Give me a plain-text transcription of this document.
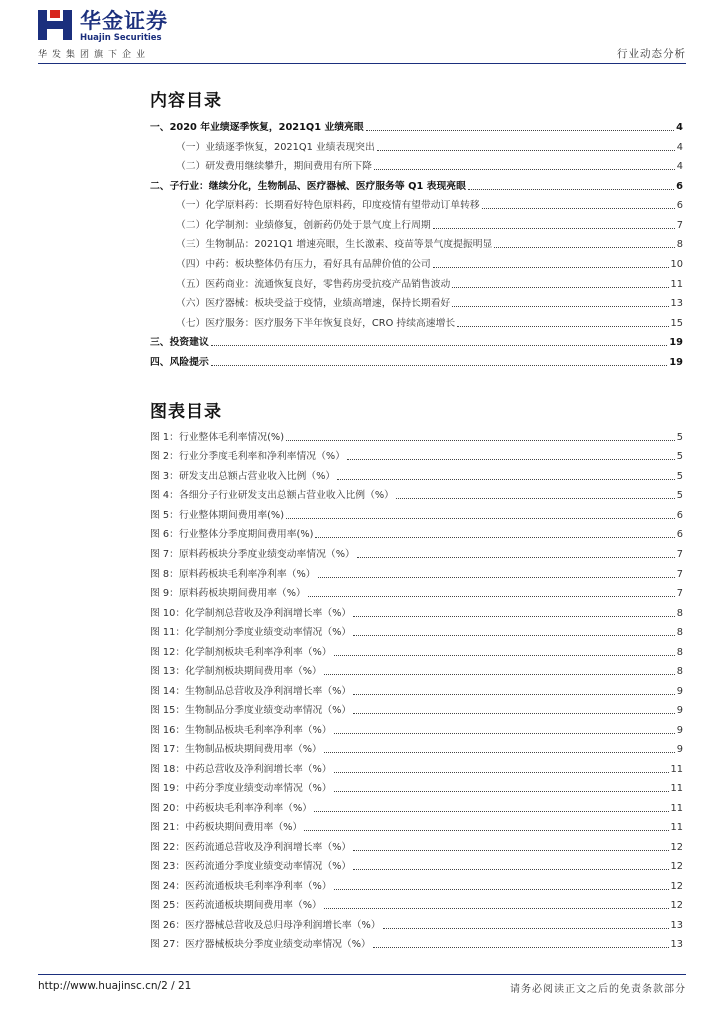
华金证券
Huajin Securities
华发集团旗下企业	行业动态分析
内容目录
一、2020 年业绩逐季恢复，2021Q1 业绩亮眼	4
（一）业绩逐季恢复，2021Q1 业绩表现突出	4
（二）研发费用继续攀升，期间费用有所下降	4
二、子行业：继续分化，生物制品、医疗器械、医疗服务等 Q1 表现亮眼	6
（一）化学原料药：长期看好特色原料药，印度疫情有望带动订单转移	6
（二）化学制剂：业绩修复，创新药仍处于景气度上行周期	7
（三）生物制品：2021Q1 增速亮眼，生长激素、疫苗等景气度提振明显	8
（四）中药：板块整体仍有压力，看好具有品牌价值的公司	10
（五）医药商业：流通恢复良好，零售药房受抗疫产品销售波动	11
（六）医疗器械：板块受益于疫情，业绩高增速，保持长期看好	13
（七）医疗服务：医疗服务下半年恢复良好，CRO 持续高速增长	15
三、投资建议	19
四、风险提示	19
图表目录
图 1：行业整体毛利率情况(%)	5
图 2：行业分季度毛利率和净利率情况（%）	5
图 3：研发支出总额占营业收入比例（%）	5
图 4：各细分子行业研发支出总额占营业收入比例（%）	5
图 5：行业整体期间费用率(%)	6
图 6：行业整体分季度期间费用率(%)	6
图 7：原料药板块分季度业绩变动率情况（%）	7
图 8：原料药板块毛利率净利率（%）	7
图 9：原料药板块期间费用率（%）	7
图 10：化学制剂总营收及净利润增长率（%）	8
图 11：化学制剂分季度业绩变动率情况（%）	8
图 12：化学制剂板块毛利率净利率（%）	8
图 13：化学制剂板块期间费用率（%）	8
图 14：生物制品总营收及净利润增长率（%）	9
图 15：生物制品分季度业绩变动率情况（%）	9
图 16：生物制品板块毛利率净利率（%）	9
图 17：生物制品板块期间费用率（%）	9
图 18：中药总营收及净利润增长率（%）	11
图 19：中药分季度业绩变动率情况（%）	11
图 20：中药板块毛利率净利率（%）	11
图 21：中药板块期间费用率（%）	11
图 22：医药流通总营收及净利润增长率（%）	12
图 23：医药流通分季度业绩变动率情况（%）	12
图 24：医药流通板块毛利率净利率（%）	12
图 25：医药流通板块期间费用率（%）	12
图 26：医疗器械总营收及总归母净利润增长率（%）	13
图 27：医疗器械板块分季度业绩变动率情况（%）	13
http://www.huajinsc.cn/2 / 21	请务必阅读正文之后的免责条款部分
